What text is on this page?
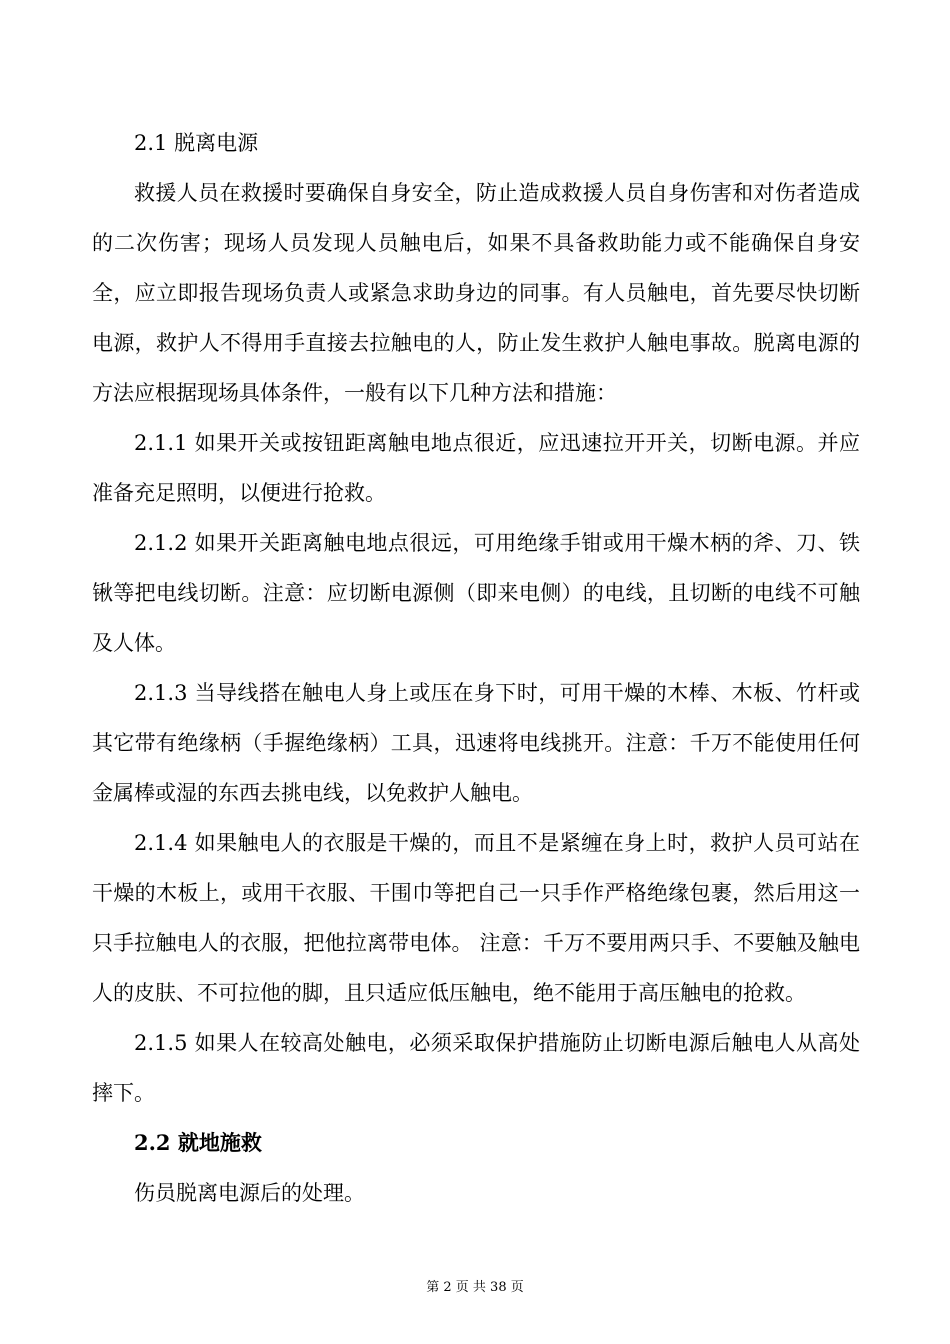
2.1 脱离电源

救援人员在救援时要确保自身安全，防止造成救援人员自身伤害和对伤者造成的二次伤害；现场人员发现人员触电后，如果不具备救助能力或不能确保自身安全，应立即报告现场负责人或紧急求助身边的同事。有人员触电，首先要尽快切断电源，救护人不得用手直接去拉触电的人，防止发生救护人触电事故。脱离电源的方法应根据现场具体条件，一般有以下几种方法和措施：

2.1.1 如果开关或按钮距离触电地点很近，应迅速拉开开关，切断电源。并应准备充足照明，以便进行抢救。

2.1.2 如果开关距离触电地点很远，可用绝缘手钳或用干燥木柄的斧、刀、铁锹等把电线切断。注意：应切断电源侧（即来电侧）的电线，且切断的电线不可触及人体。

2.1.3 当导线搭在触电人身上或压在身下时，可用干燥的木棒、木板、竹杆或其它带有绝缘柄（手握绝缘柄）工具，迅速将电线挑开。注意：千万不能使用任何金属棒或湿的东西去挑电线，以免救护人触电。

2.1.4 如果触电人的衣服是干燥的，而且不是紧缠在身上时，救护人员可站在干燥的木板上，或用干衣服、干围巾等把自己一只手作严格绝缘包裹，然后用这一只手拉触电人的衣服，把他拉离带电体。 注意：千万不要用两只手、不要触及触电人的皮肤、不可拉他的脚，且只适应低压触电，绝不能用于高压触电的抢救。

2.1.5 如果人在较高处触电，必须采取保护措施防止切断电源后触电人从高处摔下。

2.2 就地施救

伤员脱离电源后的处理。

第 2 页 共 38 页
